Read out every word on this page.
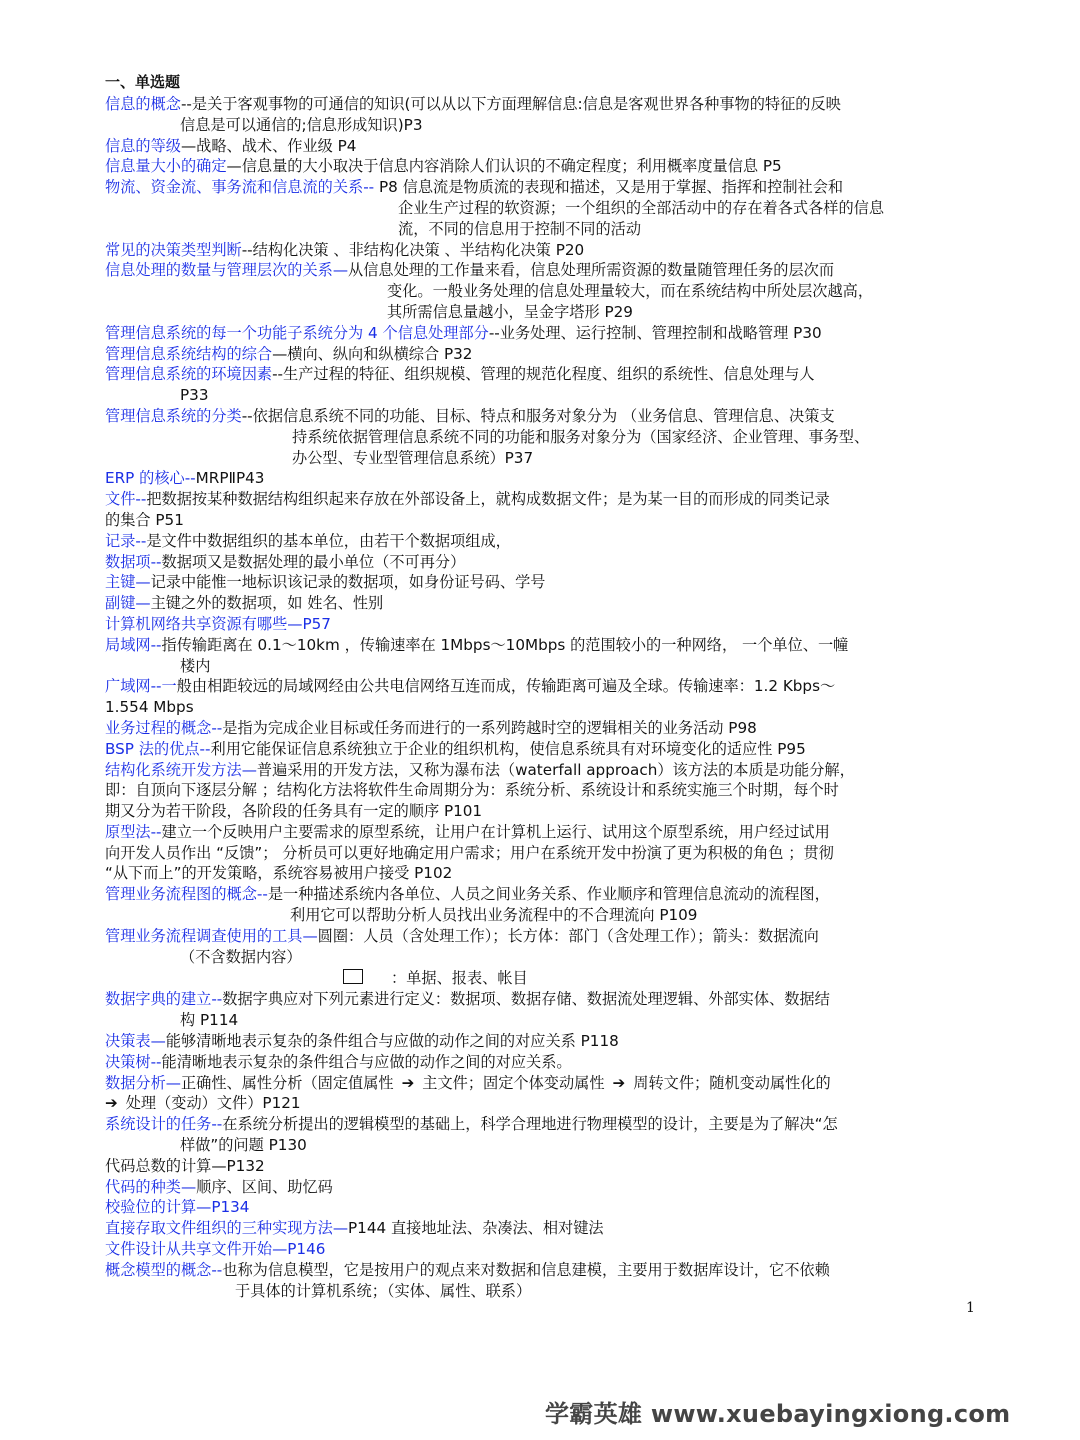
一、单选题
信息的概念--是关于客观事物的可通信的知识(可以从以下方面理解信息:信息是客观世界各种事物的特征的反映
信息是可以通信的;信息形成知识)P3
信息的等级—战略、战术、作业级 P4
信息量大小的确定—信息量的大小取决于信息内容消除人们认识的不确定程度；利用概率度量信息 P5
物流、资金流、事务流和信息流的关系-- P8 信息流是物质流的表现和描述，又是用于掌握、指挥和控制社会和
企业生产过程的软资源；一个组织的全部活动中的存在着各式各样的信息
流，不同的信息用于控制不同的活动
常见的决策类型判断--结构化决策 、非结构化决策 、半结构化决策 P20
信息处理的数量与管理层次的关系—从信息处理的工作量来看，信息处理所需资源的数量随管理任务的层次而
变化。一般业务处理的信息处理量较大，而在系统结构中所处层次越高，
其所需信息量越小，呈金字塔形 P29
管理信息系统的每一个功能子系统分为 4 个信息处理部分--业务处理、运行控制、管理控制和战略管理 P30
管理信息系统结构的综合—横向、纵向和纵横综合 P32
管理信息系统的环境因素--生产过程的特征、组织规模、管理的规范化程度、组织的系统性、信息处理与人
P33
管理信息系统的分类--依据信息系统不同的功能、目标、特点和服务对象分为 （业务信息、管理信息、决策支
持系统依据管理信息系统不同的功能和服务对象分为（国家经济、企业管理、事务型、
办公型、专业型管理信息系统）P37
ERP 的核心--MRPⅡP43
文件--把数据按某种数据结构组织起来存放在外部设备上，就构成数据文件；是为某一目的而形成的同类记录
的集合 P51
记录--是文件中数据组织的基本单位，由若干个数据项组成，
数据项--数据项又是数据处理的最小单位（不可再分）
主键—记录中能惟一地标识该记录的数据项，如身份证号码、学号
副键—主键之外的数据项，如 姓名、性别
计算机网络共享资源有哪些—P57
局域网--指传输距离在 0.1～10km ，传输速率在 1Mbps～10Mbps 的范围较小的一种网络， 一个单位、一幢
楼内
广域网--一般由相距较远的局域网经由公共电信网络互连而成，传输距离可遍及全球。传输速率：1.2 Kbps～
1.554 Mbps
业务过程的概念--是指为完成企业目标或任务而进行的一系列跨越时空的逻辑相关的业务活动 P98
BSP 法的优点--利用它能保证信息系统独立于企业的组织机构，使信息系统具有对环境变化的适应性 P95
结构化系统开发方法—普遍采用的开发方法，又称为瀑布法（waterfall approach）该方法的本质是功能分解，
即：自顶向下逐层分解 ；结构化方法将软件生命周期分为：系统分析、系统设计和系统实施三个时期，每个时
期又分为若干阶段，各阶段的任务具有一定的顺序 P101
原型法--建立一个反映用户主要需求的原型系统，让用户在计算机上运行、试用这个原型系统，用户经过试用
向开发人员作出 “反馈”； 分析员可以更好地确定用户需求；用户在系统开发中扮演了更为积极的角色 ；贯彻
“从下而上”的开发策略，系统容易被用户接受 P102
管理业务流程图的概念--是一种描述系统内各单位、人员之间业务关系、作业顺序和管理信息流动的流程图，
利用它可以帮助分析人员找出业务流程中的不合理流向 P109
管理业务流程调查使用的工具—圆圈：人员（含处理工作）；长方体：部门（含处理工作）；箭头：数据流向
（不含数据内容）
：单据、报表、帐目
数据字典的建立--数据字典应对下列元素进行定义：数据项、数据存储、数据流处理逻辑、外部实体、数据结
构 P114
决策表—能够清晰地表示复杂的条件组合与应做的动作之间的对应关系 P118
决策树--能清晰地表示复杂的条件组合与应做的动作之间的对应关系。
数据分析—正确性、属性分析（固定值属性 ➔ 主文件；固定个体变动属性 ➔ 周转文件；随机变动属性化的
➔ 处理（变动）文件）P121
系统设计的任务--在系统分析提出的逻辑模型的基础上，科学合理地进行物理模型的设计，主要是为了解决“怎
样做”的问题 P130
代码总数的计算—P132
代码的种类—顺序、区间、助忆码
校验位的计算—P134
直接存取文件组织的三种实现方法—P144 直接地址法、杂凑法、相对键法
文件设计从共享文件开始—P146
概念模型的概念--也称为信息模型，它是按用户的观点来对数据和信息建模，主要用于数据库设计，它不依赖
于具体的计算机系统；（实体、属性、联系）
1
学霸英雄 www.xuebayingxiong.com
